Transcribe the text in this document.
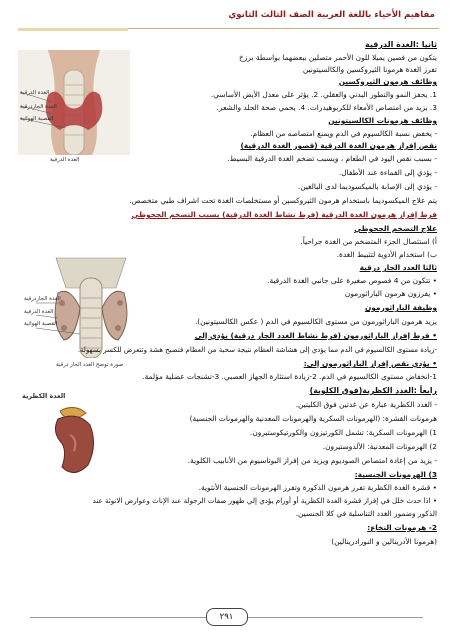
مفاهيم الأحياء باللغة العربية الصف الثالث الثانوي
الغدة الدرقية
الغدة الجاردرقية
القصبة الهوائية
الغدة الدرقية
الغدة الجاردرقية
الغدة الدرقية
القصبة الهوائية
صورة توضح الغدد الجار درقية
الغدة الكظرية
ثانيا :الغدة الدرقية
يتكون من فصين يميلا للون الأحمر متصلين ببعضهما بواسطة برزخ
تفرز الغدة هرمونا الثيروكسين والكالسيتونين
وظائف هرمون الثيروكسين
1. يحفز النمو والتطور البدني والعقلي. 2. يؤثر على معدل الأيض الأساسي.
3. يزيد من امتصاص الأمعاء للكربوهيدرات. 4. يحمي صحة الجلد والشعر.
وظائف هرمونات الكالسيتونين
- يخفض نسبة الكالسيوم في الدم ويمنع امتصاصه من العظام.
نقص إفراز هرمون الغدة الدرقية (قصور الغدة الدرقية)
- بسبب نقص اليود في الطعام ، ويسبب تضخم الغدة الدرقية البسيط.
- يؤدي إلى القماءة عند الأطفال.
- يؤدي إلى الإصابة بالميكسوديما لدى البالغين.
يتم علاج الميكسوديما باستخدام هرمون الثيروكسين أو مستخلصات الغدة تحت اشراف طبي متخصص.
فرط إفراز هرمون الغدة الدرقية (فرط نشاط الغدة الدرقية) يسبب التضخم الجحوظي
علاج التضخم الجحوظي
أ) استئصال الجزء المتضخم من الغدة جراحياً.
ب) استخدام الأدوية لتثبيط الغدة.
ثالثا الغدد الجار درقية
• تتكون من 4 فصوص صغيرة على جانبي الغدة الدرقية.
• يفرزون هرمون الباراثورمون
وظيفة الباراثورمون
يزيد هرمون الباراثورمون من مستوى الكالسيوم في الدم ( عكس الكالسيتونين).
• فرط إفراز الباراثورمون (فرط نشاط الغدد الجار درقية) يؤدي إلى
-زيادة مستوى الكالسيوم في الدم مما يؤدي إلى هشاشة العظام نتيجة سحبة من العظام فتصبح هشة وتتعرض للكسر بسهولة.
• يؤدي نقص إفراز الباراثورمون إلى:
1-انخفاض مستوى الكالسيوم في الدم. 2-زيادة استثارة الجهاز العصبي. 3-تشنجات عضلية مؤلمة.
رابعاً :الغدد الكظرية(فوق الكلوية)
- الغدد الكظرية عبارة عن غدتين فوق الكليتين.
هرمونات القشرة: (الهرمونات السكرية والهرمونات المعدنية والهرمونات الجنسية)
1) الهرمونات السكرية: تشمل الكورتيزون والكورتيكوستيرون.
2) الهرمونات المعدنية: الألدوستيرون.
- يزيد من إعادة امتصاص الصوديوم ويزيد من إفراز البوتاسيوم من الأنابيب الكلوية.
3) الهرمونات الجنسية:
• قشرة الغدة الكظرية تفرز هرمون الذكورة وتفرز الهرمونات الجنسية الأنثوية.
• اذا حدث خلل في إفراز قشرة الغدة الكظرية أو أورام يؤدي إلي ظهور صفات الرجولة عند الإناث وعوارض الانوثة عند
الذكور وضمور الغدد التناسلية في كلا الجنسين.
2- هرمونات النخاع:
(هرمونا الأدرينالين و النورادرينالين)
٢٩١
